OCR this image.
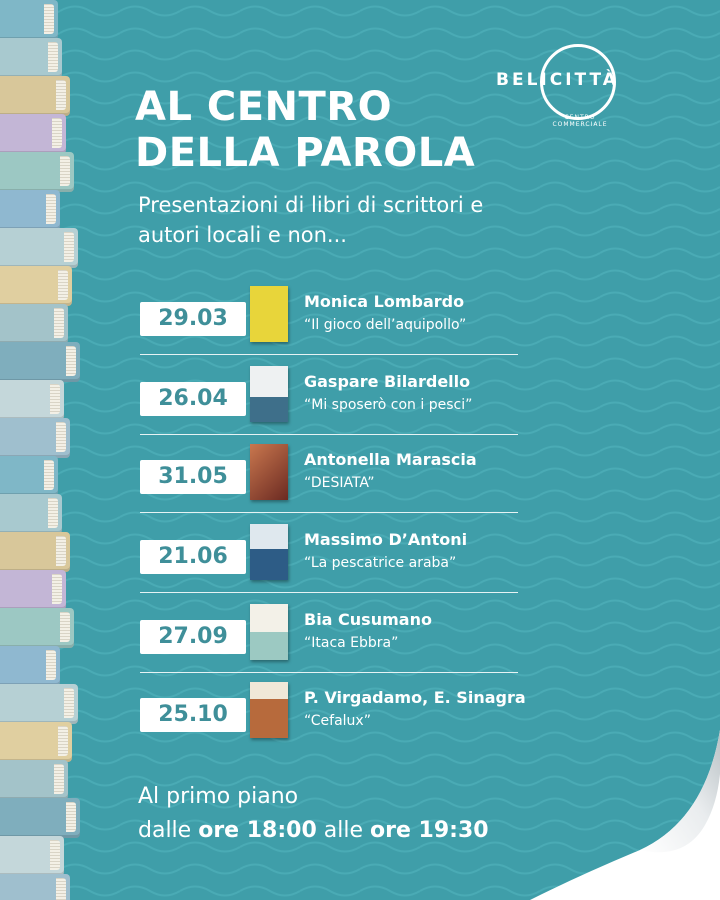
BELICITTÀ
CENTRO COMMERCIALE
AL CENTRO
DELLA PAROLA
Presentazioni di libri di scrittori e
autori locali e non...
29.03
Monica Lombardo
“Il gioco dell’aquipollo”
26.04
Gaspare Bilardello
“Mi sposerò con i pesci”
31.05
Antonella Marascia
“DESIATA”
21.06
Massimo D’Antoni
“La pescatrice araba”
27.09
Bia Cusumano
“Itaca Ebbra”
25.10
P. Virgadamo, E. Sinagra
“Cefalux”
Al primo piano
dalle ore 18:00 alle ore 19:30
